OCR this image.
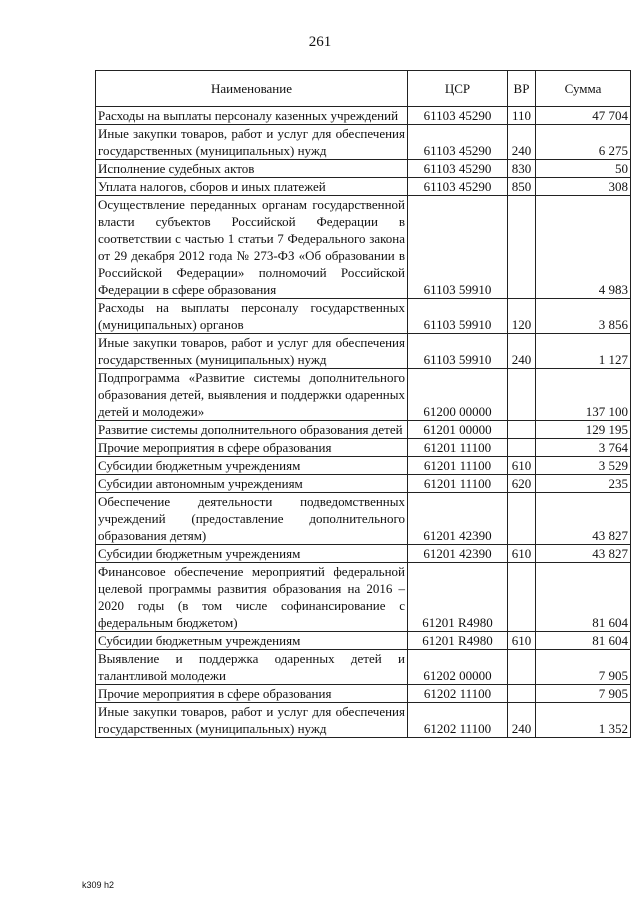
261
Наименование	ЦСР	ВР	Сумма
Расходы на выплаты персоналу казенных учреждений	61103 45290	110	47 704
Иные закупки товаров, работ и услуг для обеспечения государственных (муниципальных) нужд	61103 45290	240	6 275
Исполнение судебных актов	61103 45290	830	50
Уплата налогов, сборов и иных платежей	61103 45290	850	308
Осуществление переданных органам государственной власти субъектов Российской Федерации в соответствии с частью 1 статьи 7 Федерального закона от 29 декабря 2012 года № 273-ФЗ «Об образовании в Российской Федерации» полномочий Российской Федерации в сфере образования	61103 59910		4 983
Расходы на выплаты персоналу государственных (муниципальных) органов	61103 59910	120	3 856
Иные закупки товаров, работ и услуг для обеспечения государственных (муниципальных) нужд	61103 59910	240	1 127
Подпрограмма «Развитие системы дополнительного образования детей, выявления и поддержки одаренных детей и молодежи»	61200 00000		137 100
Развитие системы дополнительного образования детей	61201 00000		129 195
Прочие мероприятия в сфере образования	61201 11100		3 764
Субсидии бюджетным учреждениям	61201 11100	610	3 529
Субсидии автономным учреждениям	61201 11100	620	235
Обеспечение деятельности подведомственных учреждений (предоставление дополнительного образования детям)	61201 42390		43 827
Субсидии бюджетным учреждениям	61201 42390	610	43 827
Финансовое обеспечение мероприятий федеральной целевой программы развития образования на 2016 – 2020 годы (в том числе софинансирование с федеральным бюджетом)	61201 R4980		81 604
Субсидии бюджетным учреждениям	61201 R4980	610	81 604
Выявление и поддержка одаренных детей и талантливой молодежи	61202 00000		7 905
Прочие мероприятия в сфере образования	61202 11100		7 905
Иные закупки товаров, работ и услуг для обеспечения государственных (муниципальных) нужд	61202 11100	240	1 352
k309 h2
